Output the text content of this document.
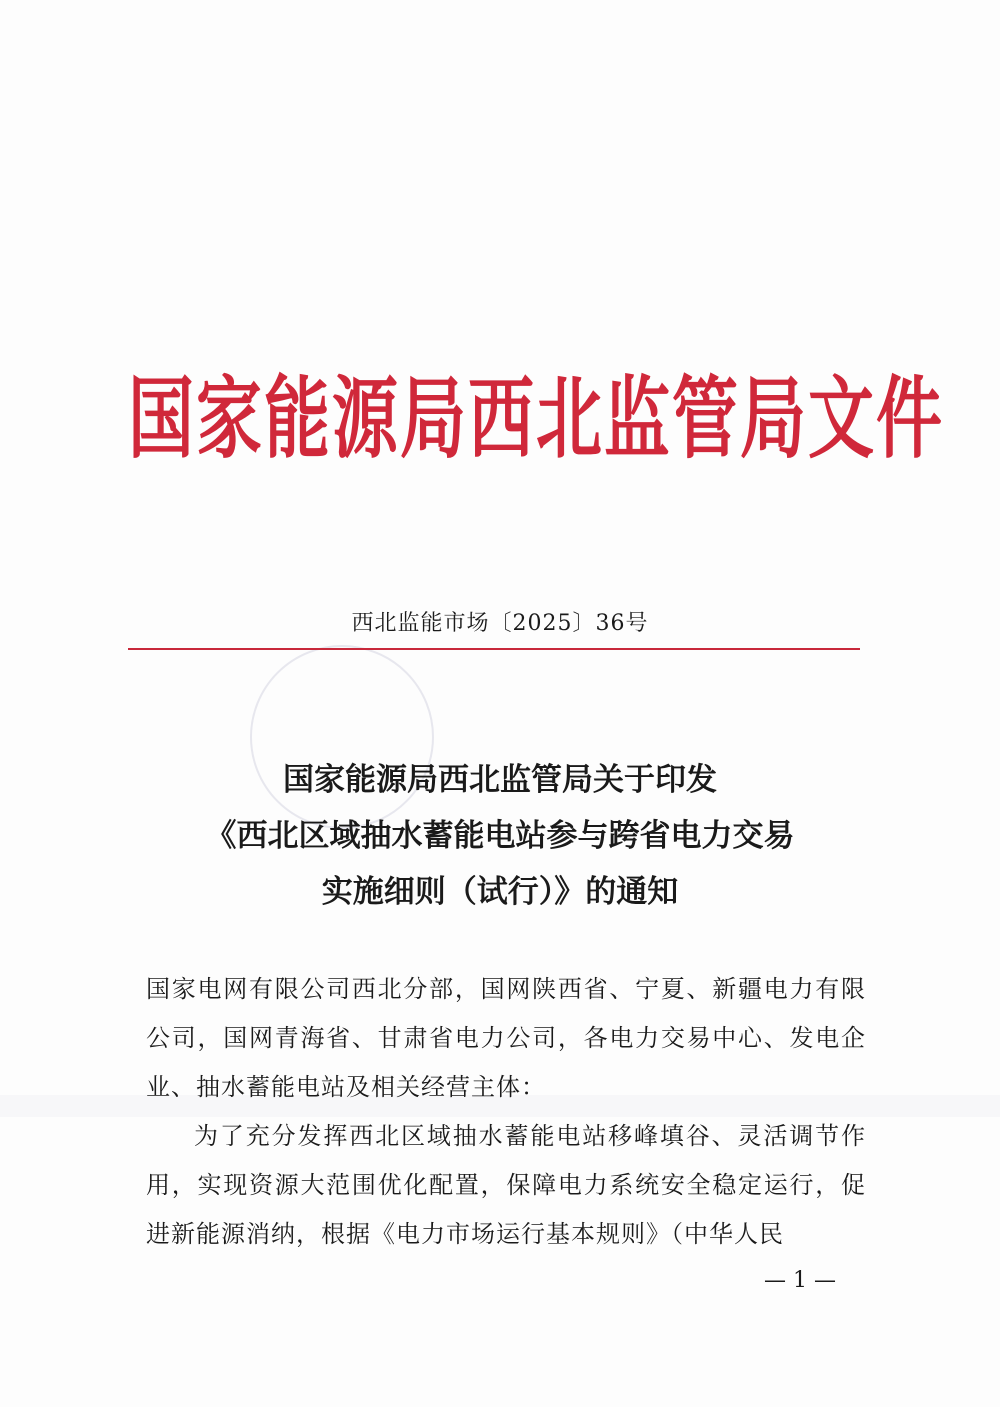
国家能源局西北监管局文件
西北监能市场〔2025〕36号
国家能源局西北监管局关于印发
《西北区域抽水蓄能电站参与跨省电力交易
实施细则（试行）》的通知

国家电网有限公司西北分部，国网陕西省、宁夏、新疆电力有限公司，国网青海省、甘肃省电力公司，各电力交易中心、发电企业、抽水蓄能电站及相关经营主体：

为了充分发挥西北区域抽水蓄能电站移峰填谷、灵活调节作用，实现资源大范围优化配置，保障电力系统安全稳定运行，促进新能源消纳，根据《电力市场运行基本规则》（中华人民

— 1 —
